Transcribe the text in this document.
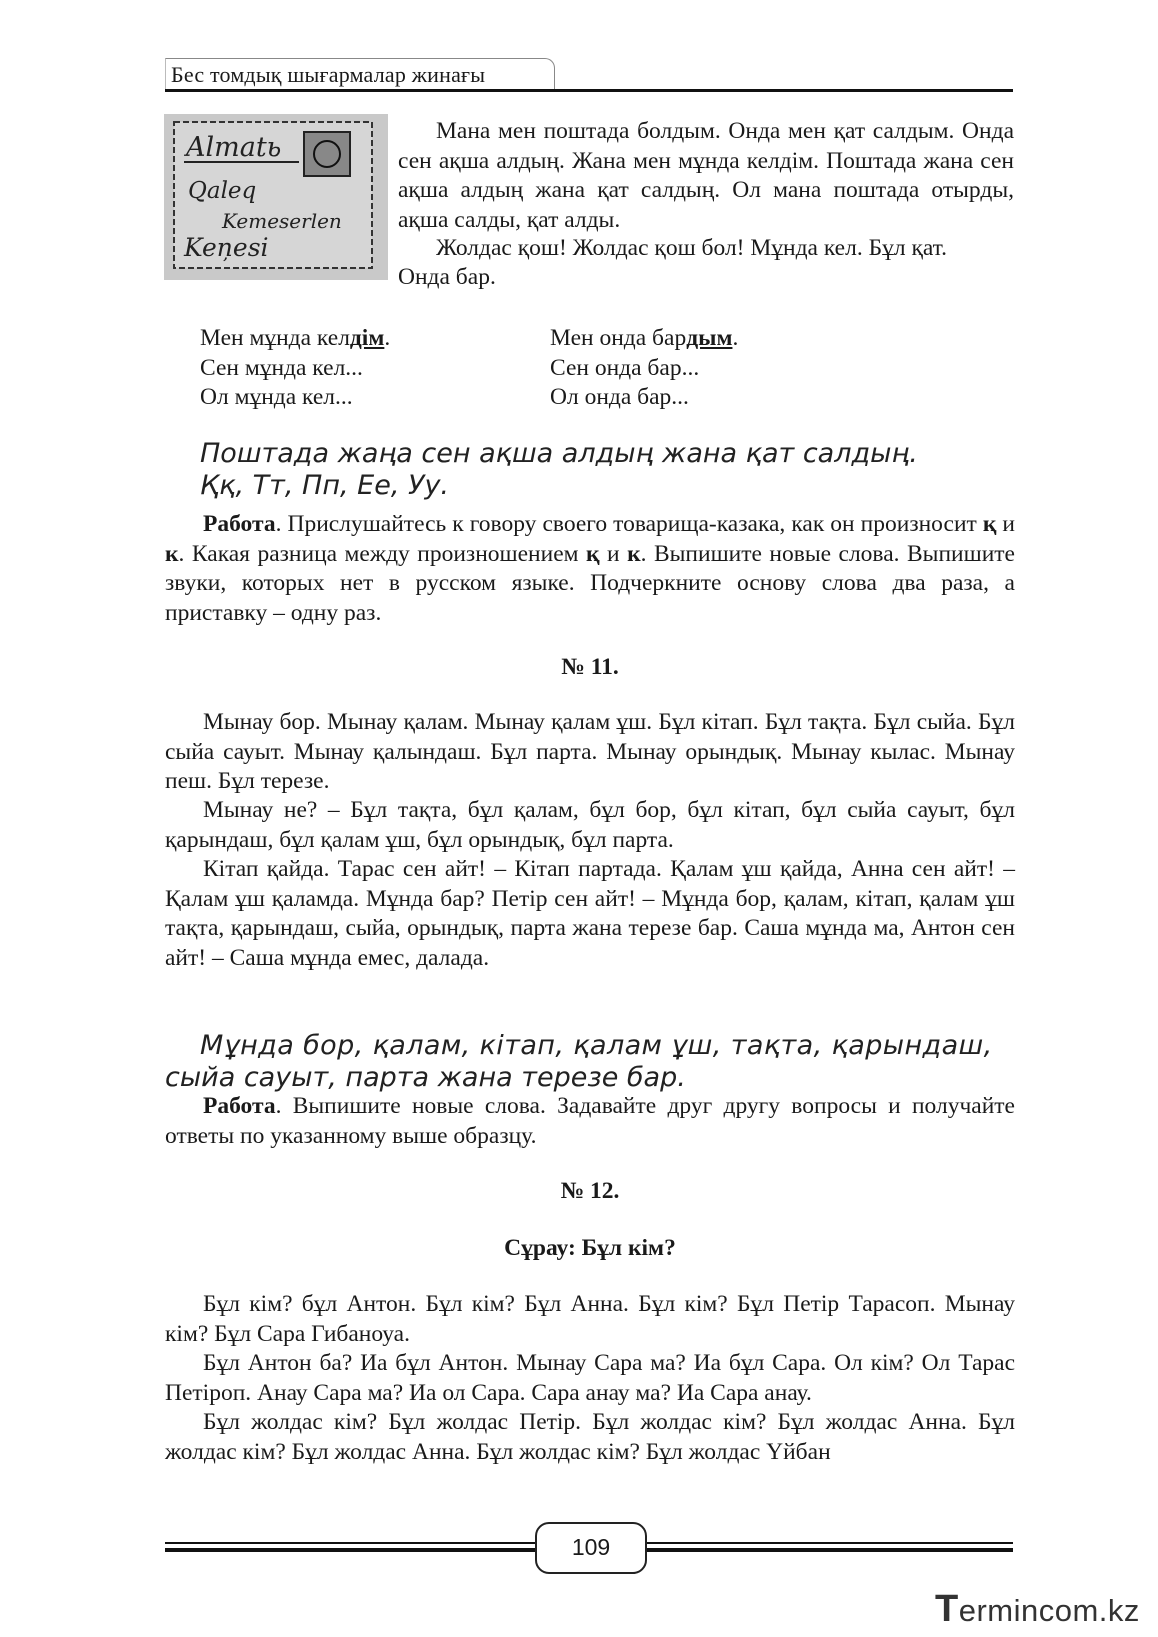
Бес томдық шығармалар жинағы
Almatь
Qaleq
Kemeserlen
Keņesi
Мана мен поштада болдым. Онда мен қат салдым. Онда сен ақша алдың. Жана мен мұнда келдім. Поштада жана сен ақша алдың жана қат салдың. Ол мана поштада отырды, ақша салды, қат алды.
Жолдас қош! Жолдас қош бол! Мұнда кел. Бұл қат.
Онда бар.
Мен мұнда келдім.
Сен мұнда кел...
Ол мұнда кел...
Мен онда бардым.
Сен онда бар...
Ол онда бар...
Поштада жаңа сен ақша алдың жана қат салдың.
Ққ, Тт, Пп, Ее, Уу.
Работа. Прислушайтесь к говору своего товарища-казака, как он произносит қ и к. Какая разница между произношением қ и к. Выпишите новые слова. Выпишите звуки, которых нет в русском языке. Подчеркните основу слова два раза, а приставку – одну раз.
№ 11.
Мынау бор. Мынау қалам. Мынау қалам ұш. Бұл кітап. Бұл тақта. Бұл сыйа. Бұл сыйа сауыт. Мынау қалындаш. Бұл парта. Мынау орындық. Мынау кылас. Мынау пеш. Бұл терезе.
Мынау не? – Бұл тақта, бұл қалам, бұл бор, бұл кітап, бұл сыйа сауыт, бұл қарындаш, бұл қалам ұш, бұл орындық, бұл парта.
Кітап қайда. Тарас сен айт! – Кітап партада. Қалам ұш қайда, Анна сен айт! – Қалам ұш қаламда. Мұнда бар? Петір сен айт! – Мұнда бор, қалам, кітап, қалам ұш тақта, қарындаш, сыйа, орындық, парта жана терезе бар. Саша мұнда ма, Антон сен айт! – Саша мұнда емес, далада.
Мұнда бор, қалам, кітап, қалам ұш, тақта, қарындаш,
сыйа сауыт, парта жана терезе бар.
Работа. Выпишите новые слова. Задавайте друг другу вопросы и получайте ответы по указанному выше образцу.
№ 12.
Сұрау: Бұл кім?
Бұл кім? бұл Антон. Бұл кім? Бұл Анна. Бұл кім? Бұл Петір Тарасоп. Мынау кім? Бұл Сара Гибаноуа.
Бұл Антон ба? Иа бұл Антон. Мынау Сара ма? Иа бұл Сара. Ол кім? Ол Тарас Петіроп. Анау Сара ма? Иа ол Сара. Сара анау ма? Иа Сара анау.
Бұл жолдас кім? Бұл жолдас Петір. Бұл жолдас кім? Бұл жолдас Анна. Бұл жолдас кім? Бұл жолдас Анна. Бұл жолдас кім? Бұл жолдас Үйбан
109
Termincom.kz
